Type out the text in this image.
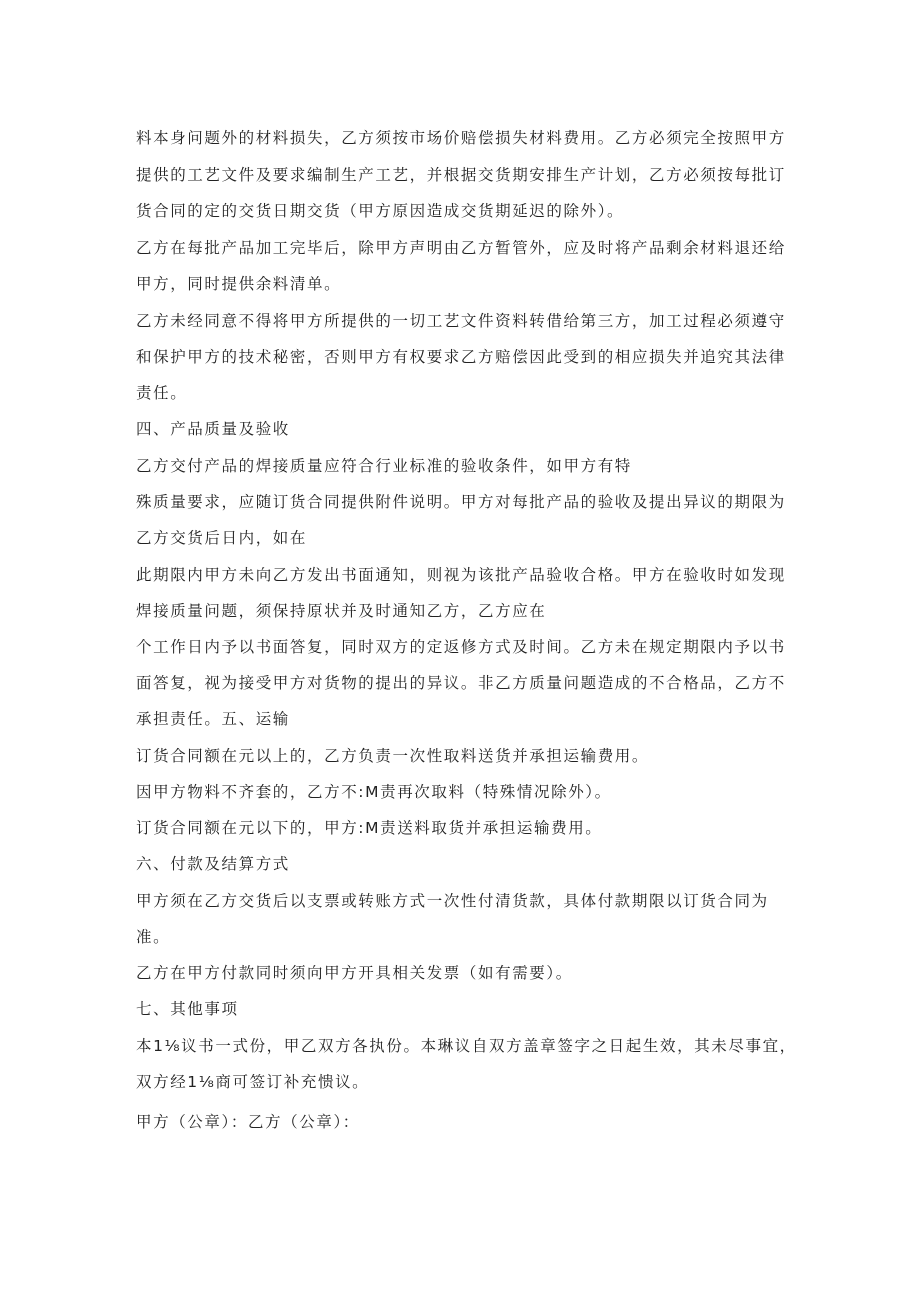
料本身问题外的材料损失，乙方须按市场价赔偿损失材料费用。乙方必须完全按照甲方

提供的工艺文件及要求编制生产工艺，并根据交货期安排生产计划，乙方必须按每批订

货合同的定的交货日期交货（甲方原因造成交货期延迟的除外）。

乙方在每批产品加工完毕后，除甲方声明由乙方暂管外，应及时将产品剩余材料退还给

甲方，同时提供余料清单。

乙方未经同意不得将甲方所提供的一切工艺文件资料转借给第三方，加工过程必须遵守

和保护甲方的技术秘密，否则甲方有权要求乙方赔偿因此受到的相应损失并追究其法律

责任。

四、产品质量及验收

乙方交付产品的焊接质量应符合行业标准的验收条件，如甲方有特

殊质量要求，应随订货合同提供附件说明。甲方对每批产品的验收及提出异议的期限为

乙方交货后日内，如在

此期限内甲方未向乙方发出书面通知，则视为该批产品验收合格。甲方在验收时如发现

焊接质量问题，须保持原状并及时通知乙方，乙方应在

个工作日内予以书面答复，同时双方的定返修方式及时间。乙方未在规定期限内予以书

面答复，视为接受甲方对货物的提出的异议。非乙方质量问题造成的不合格品，乙方不

承担责任。五、运输

订货合同额在元以上的，乙方负责一次性取料送货并承担运输费用。

因甲方物料不齐套的，乙方不:M责再次取料（特殊情况除外）。

订货合同额在元以下的，甲方:M责送料取货并承担运输费用。

六、付款及结算方式

甲方须在乙方交货后以支票或转账方式一次性付清货款，具体付款期限以订货合同为

准。

乙方在甲方付款同时须向甲方开具相关发票（如有需要）。

七、其他事项

本1⅛议书一式份，甲乙双方各执份。本琳议自双方盖章签字之日起生效，其未尽事宜，

双方经1⅛商可签订补充愦议。

甲方（公章）：乙方（公章）：
